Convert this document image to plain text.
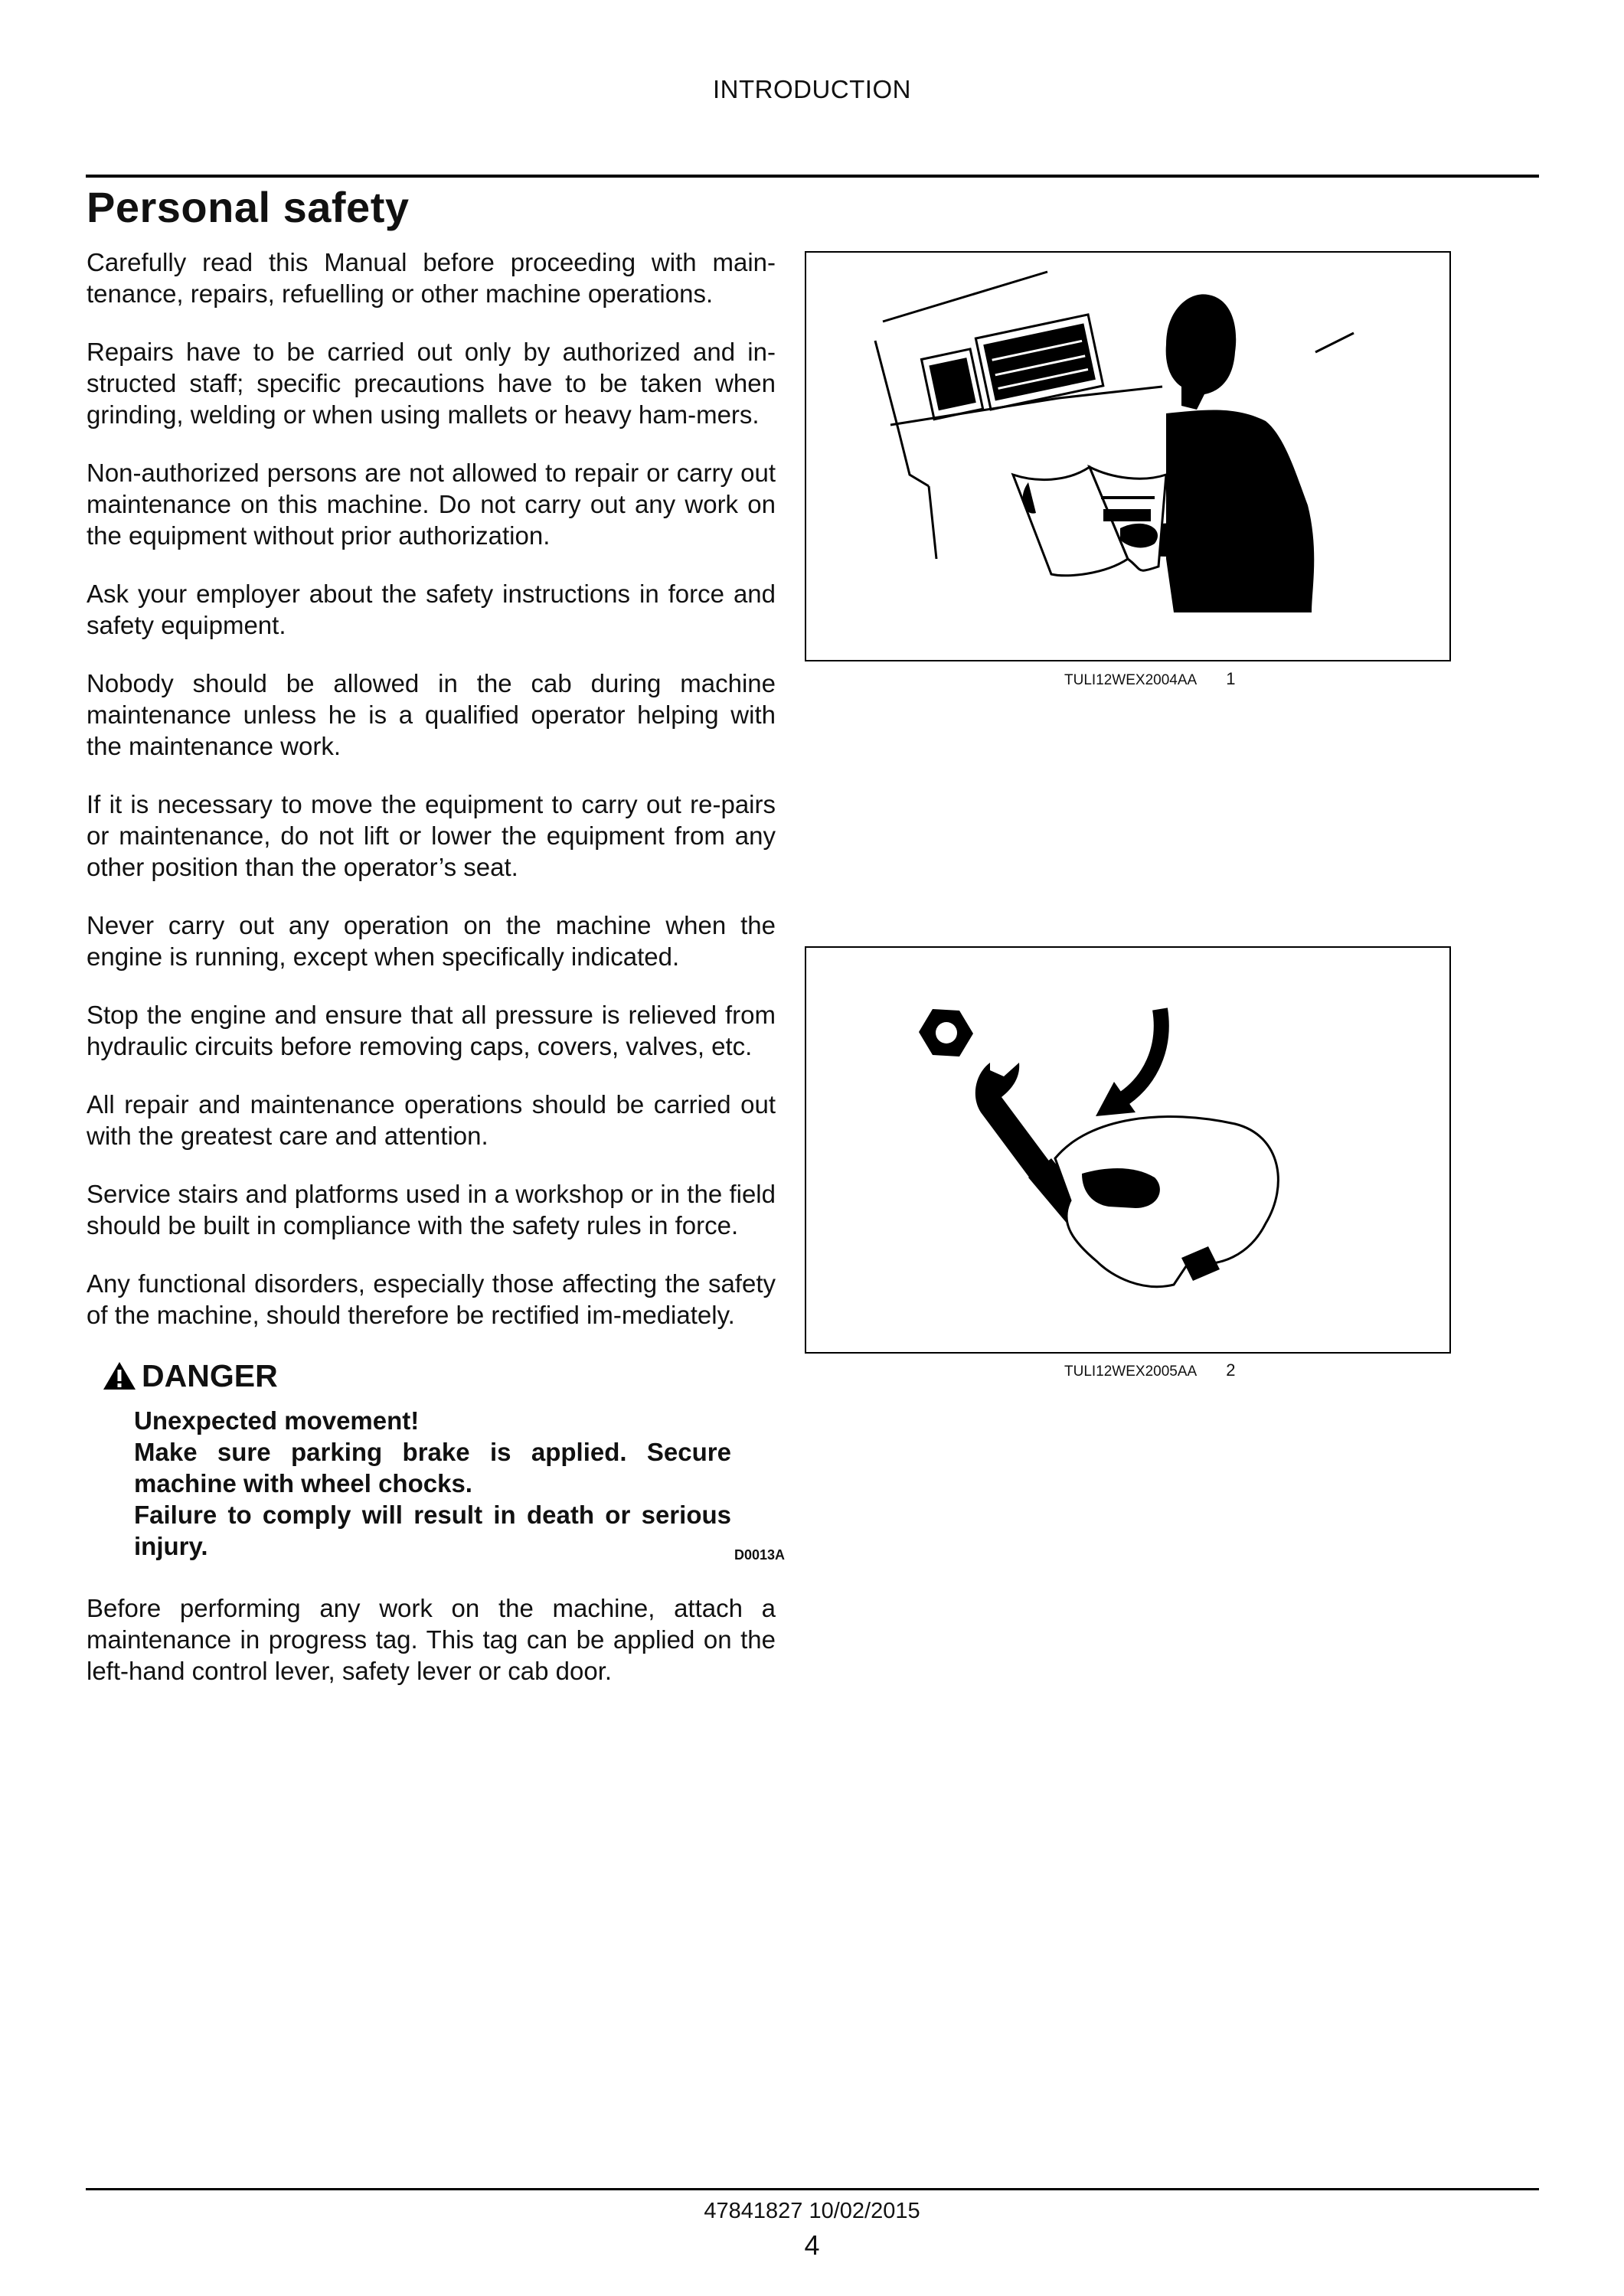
INTRODUCTION
Personal safety

Carefully read this Manual before proceeding with main-tenance, repairs, refuelling or other machine operations.

Repairs have to be carried out only by authorized and in-structed staff; specific precautions have to be taken when grinding, welding or when using mallets or heavy ham-mers.

Non-authorized persons are not allowed to repair or carry out maintenance on this machine. Do not carry out any work on the equipment without prior authorization.

Ask your employer about the safety instructions in force and safety equipment.

Nobody should be allowed in the cab during machine maintenance unless he is a qualified operator helping with the maintenance work.

If it is necessary to move the equipment to carry out re-pairs or maintenance, do not lift or lower the equipment from any other position than the operator’s seat.

Never carry out any operation on the machine when the engine is running, except when specifically indicated.

Stop the engine and ensure that all pressure is relieved from hydraulic circuits before removing caps, covers, valves, etc.

All repair and maintenance operations should be carried out with the greatest care and attention.

Service stairs and platforms used in a workshop or in the field should be built in compliance with the safety rules in force.

Any functional disorders, especially those affecting the safety of the machine, should therefore be rectified im-mediately.

DANGER
Unexpected movement!
Make sure parking brake is applied. Secure machine with wheel chocks.
Failure to comply will result in death or serious injury.	D0013A

Before performing any work on the machine, attach a maintenance in progress tag. This tag can be applied on the left-hand control lever, safety lever or cab door.

TULI12WEX2004AA 1
TULI12WEX2005AA 2
47841827 10/02/2015
4
